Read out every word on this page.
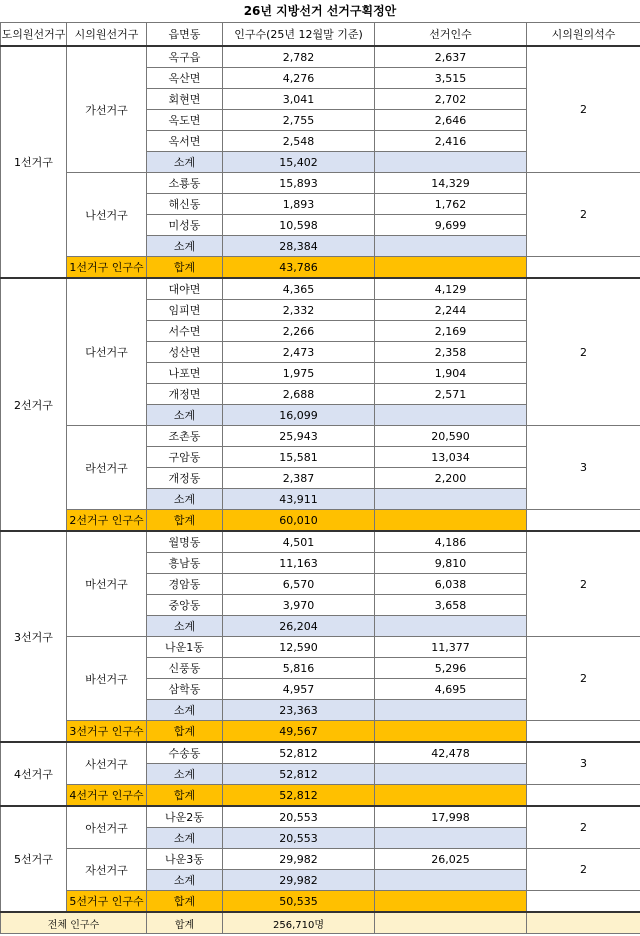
26년 지방선거 선거구획정안
도의원선거구	시의원선거구	읍면동	인구수(25년 12월말 기준)	선거인수	시의원의석수
1선거구	가선거구	옥구읍	2,782	2,637	2
		옥산면	4,276	3,515	
		회현면	3,041	2,702	
		옥도면	2,755	2,646	
		옥서면	2,548	2,416	
		소계	15,402		
	나선거구	소룡동	15,893	14,329	2
		해신동	1,893	1,762	
		미성동	10,598	9,699	
		소계	28,384		
	1선거구 인구수	합계	43,786		
2선거구	다선거구	대야면	4,365	4,129	2
		임피면	2,332	2,244	
		서수면	2,266	2,169	
		성산면	2,473	2,358	
		나포면	1,975	1,904	
		개정면	2,688	2,571	
		소계	16,099		
	라선거구	조촌동	25,943	20,590	3
		구암동	15,581	13,034	
		개정동	2,387	2,200	
		소계	43,911		
	2선거구 인구수	합계	60,010		
3선거구	마선거구	월명동	4,501	4,186	2
		흥남동	11,163	9,810	
		경암동	6,570	6,038	
		중앙동	3,970	3,658	
		소계	26,204		
	바선거구	나운1동	12,590	11,377	2
		신풍동	5,816	5,296	
		삼학동	4,957	4,695	
		소계	23,363		
	3선거구 인구수	합계	49,567		
4선거구	사선거구	수송동	52,812	42,478	3
		소계	52,812		
	4선거구 인구수	합계	52,812		
5선거구	아선거구	나운2동	20,553	17,998	2
		소계	20,553		
	자선거구	나운3동	29,982	26,025	2
		소계	29,982		
	5선거구 인구수	합계	50,535		
전체 인구수		합계	256,710명		
